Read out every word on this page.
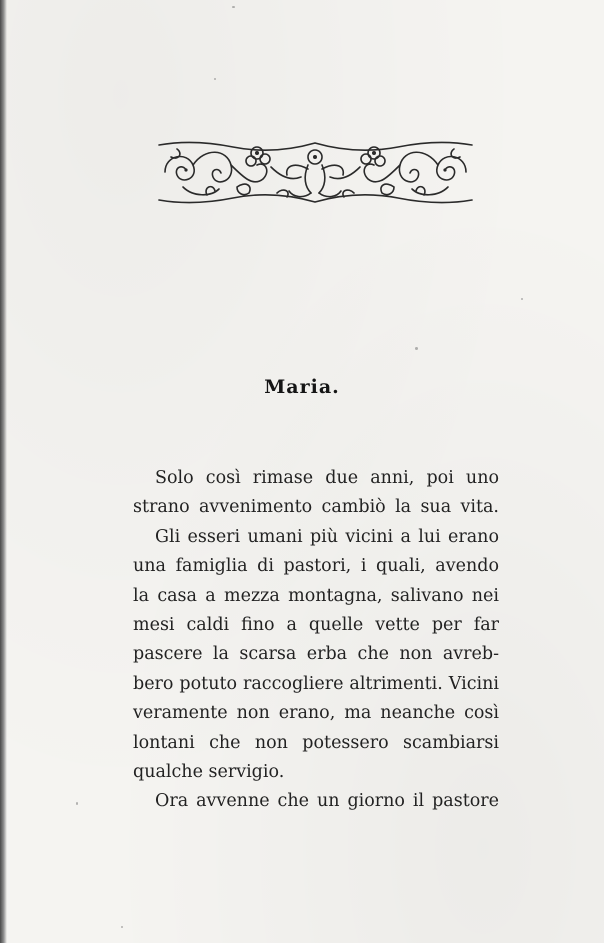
Maria.
Solo così rimase due anni, poi uno
strano avvenimento cambiò la sua vita.
Gli esseri umani più vicini a lui erano
una famiglia di pastori, i quali, avendo
la casa a mezza montagna, salivano nei
mesi caldi fino a quelle vette per far
pascere la scarsa erba che non avreb-
bero potuto raccogliere altrimenti. Vicini
veramente non erano, ma neanche così
lontani che non potessero scambiarsi
qualche servigio.
Ora avvenne che un giorno il pastore
